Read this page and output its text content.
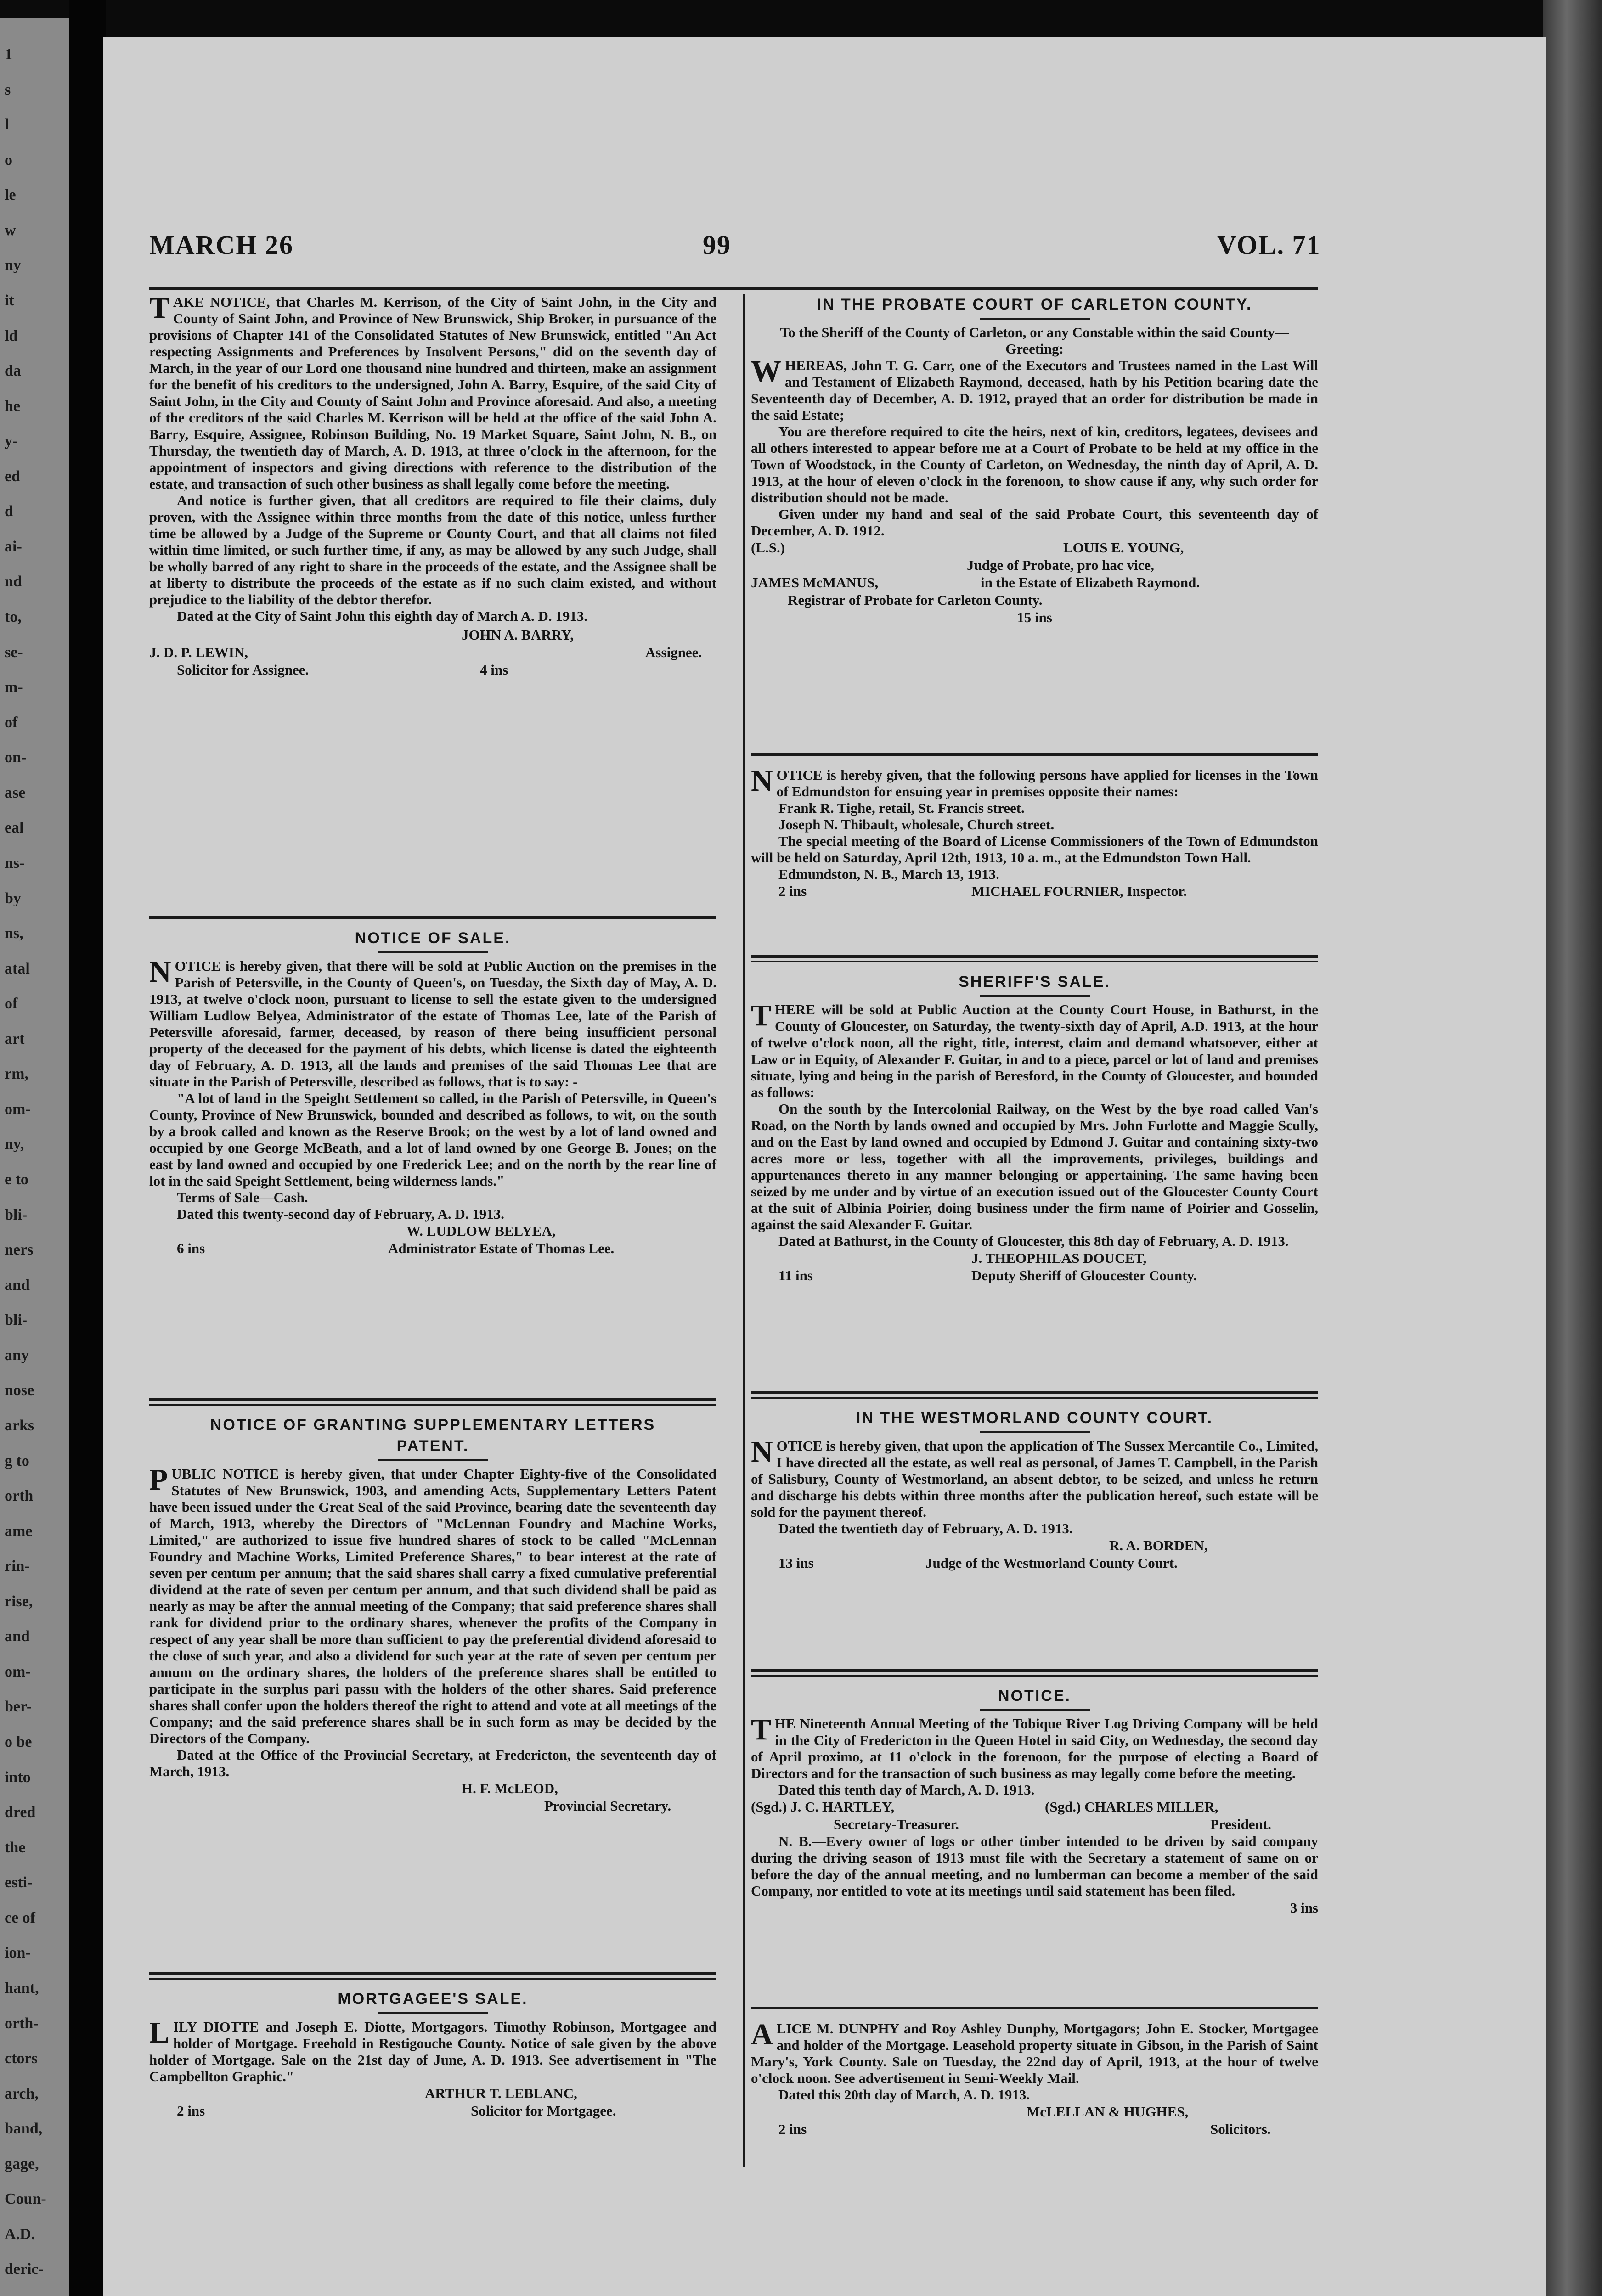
1
s
l
o
le
w
ny
it
ld
da
he
y-
ed
d
ai-
nd
to,
se-
m-
of
on-
ase
eal
ns-
by
ns,
atal
of
art
rm,
om-
ny,
e to
bli-
ners
and
bli-
any
nose
arks
g to
orth
ame
rin-
rise,
and
om-
ber-
o be
into
dred
the
esti-
ce of
ion-
hant,
orth-
ctors
arch,
band,
gage,
Coun-
A.D.
deric-
MARCH 26	99	VOL. 71

TAKE NOTICE, that Charles M. Kerrison, of the City of Saint John, in the City and County of Saint John, and Province of New Brunswick, Ship Broker, in pursuance of the provisions of Chapter 141 of the Consolidated Statutes of New Brunswick, entitled "An Act respecting Assignments and Preferences by Insolvent Persons," did on the seventh day of March, in the year of our Lord one thousand nine hundred and thirteen, make an assignment for the benefit of his creditors to the undersigned, John A. Barry, Esquire, of the said City of Saint John, in the City and County of Saint John and Province aforesaid. And also, a meeting of the creditors of the said Charles M. Kerrison will be held at the office of the said John A. Barry, Esquire, Assignee, Robinson Building, No. 19 Market Square, Saint John, N. B., on Thursday, the twentieth day of March, A. D. 1913, at three o'clock in the afternoon, for the appointment of inspectors and giving directions with reference to the distribution of the estate, and transaction of such other business as shall legally come before the meeting.

And notice is further given, that all creditors are required to file their claims, duly proven, with the Assignee within three months from the date of this notice, unless further time be allowed by a Judge of the Supreme or County Court, and that all claims not filed within time limited, or such further time, if any, as may be allowed by any such Judge, shall be wholly barred of any right to share in the proceeds of the estate, and the Assignee shall be at liberty to distribute the proceeds of the estate as if no such claim existed, and without prejudice to the liability of the debtor therefor.

Dated at the City of Saint John this eighth day of March A. D. 1913.

JOHN A. BARRY,
J. D. P. LEWIN,	Assignee.
Solicitor for Assignee.	4 ins
NOTICE OF SALE.

NOTICE is hereby given, that there will be sold at Public Auction on the premises in the Parish of Petersville, in the County of Queen's, on Tuesday, the Sixth day of May, A. D. 1913, at twelve o'clock noon, pursuant to license to sell the estate given to the undersigned William Ludlow Belyea, Administrator of the estate of Thomas Lee, late of the Parish of Petersville aforesaid, farmer, deceased, by reason of there being insufficient personal property of the deceased for the payment of his debts, which license is dated the eighteenth day of February, A. D. 1913, all the lands and premises of the said Thomas Lee that are situate in the Parish of Petersville, described as follows, that is to say: -

"A lot of land in the Speight Settlement so called, in the Parish of Petersville, in Queen's County, Province of New Brunswick, bounded and described as follows, to wit, on the south by a brook called and known as the Reserve Brook; on the west by a lot of land owned and occupied by one George McBeath, and a lot of land owned by one George B. Jones; on the east by land owned and occupied by one Frederick Lee; and on the north by the rear line of lot in the said Speight Settlement, being wilderness lands."

Terms of Sale—Cash.

Dated this twenty-second day of February, A. D. 1913.

W. LUDLOW BELYEA,
6 ins	Administrator Estate of Thomas Lee.
NOTICE OF GRANTING SUPPLEMENTARY LETTERS PATENT.

PUBLIC NOTICE is hereby given, that under Chapter Eighty-five of the Consolidated Statutes of New Brunswick, 1903, and amending Acts, Supplementary Letters Patent have been issued under the Great Seal of the said Province, bearing date the seventeenth day of March, 1913, whereby the Directors of "McLennan Foundry and Machine Works, Limited," are authorized to issue five hundred shares of stock to be called "McLennan Foundry and Machine Works, Limited Preference Shares," to bear interest at the rate of seven per centum per annum; that the said shares shall carry a fixed cumulative preferential dividend at the rate of seven per centum per annum, and that such dividend shall be paid as nearly as may be after the annual meeting of the Company; that said preference shares shall rank for dividend prior to the ordinary shares, whenever the profits of the Company in respect of any year shall be more than sufficient to pay the preferential dividend aforesaid to the close of such year, and also a dividend for such year at the rate of seven per centum per annum on the ordinary shares, the holders of the preference shares shall be entitled to participate in the surplus pari passu with the holders of the other shares. Said preference shares shall confer upon the holders thereof the right to attend and vote at all meetings of the Company; and the said preference shares shall be in such form as may be decided by the Directors of the Company.

Dated at the Office of the Provincial Secretary, at Fredericton, the seventeenth day of March, 1913.

H. F. McLEOD,
Provincial Secretary.
MORTGAGEE'S SALE.

LILY DIOTTE and Joseph E. Diotte, Mortgagors. Timothy Robinson, Mortgagee and holder of Mortgage. Freehold in Restigouche County. Notice of sale given by the above holder of Mortgage. Sale on the 21st day of June, A. D. 1913. See advertisement in "The Campbellton Graphic."

ARTHUR T. LEBLANC,
2 ins	Solicitor for Mortgagee.
IN THE PROBATE COURT OF CARLETON COUNTY.

To the Sheriff of the County of Carleton, or any Constable within the said County—Greeting:

WHEREAS, John T. G. Carr, one of the Executors and Trustees named in the Last Will and Testament of Elizabeth Raymond, deceased, hath by his Petition bearing date the Seventeenth day of December, A. D. 1912, prayed that an order for distribution be made in the said Estate;

You are therefore required to cite the heirs, next of kin, creditors, legatees, devisees and all others interested to appear before me at a Court of Probate to be held at my office in the Town of Woodstock, in the County of Carleton, on Wednesday, the ninth day of April, A. D. 1913, at the hour of eleven o'clock in the forenoon, to show cause if any, why such order for distribution should not be made.

Given under my hand and seal of the said Probate Court, this seventeenth day of December, A. D. 1912.

(L.S.)	LOUIS E. YOUNG,
Judge of Probate, pro hac vice,
JAMES McMANUS,	in the Estate of Elizabeth Raymond.
Registrar of Probate for Carleton County.
15 ins

NOTICE is hereby given, that the following persons have applied for licenses in the Town of Edmundston for ensuing year in premises opposite their names:

Frank R. Tighe, retail, St. Francis street.

Joseph N. Thibault, wholesale, Church street.

The special meeting of the Board of License Commissioners of the Town of Edmundston will be held on Saturday, April 12th, 1913, 10 a. m., at the Edmundston Town Hall.

Edmundston, N. B., March 13, 1913.

2 ins	MICHAEL FOURNIER, Inspector.
SHERIFF'S SALE.

THERE will be sold at Public Auction at the County Court House, in Bathurst, in the County of Gloucester, on Saturday, the twenty-sixth day of April, A.D. 1913, at the hour of twelve o'clock noon, all the right, title, interest, claim and demand whatsoever, either at Law or in Equity, of Alexander F. Guitar, in and to a piece, parcel or lot of land and premises situate, lying and being in the parish of Beresford, in the County of Gloucester, and bounded as follows:

On the south by the Intercolonial Railway, on the West by the bye road called Van's Road, on the North by lands owned and occupied by Mrs. John Furlotte and Maggie Scully, and on the East by land owned and occupied by Edmond J. Guitar and containing sixty-two acres more or less, together with all the improvements, privileges, buildings and appurtenances thereto in any manner belonging or appertaining. The same having been seized by me under and by virtue of an execution issued out of the Gloucester County Court at the suit of Albinia Poirier, doing business under the firm name of Poirier and Gosselin, against the said Alexander F. Guitar.

Dated at Bathurst, in the County of Gloucester, this 8th day of February, A. D. 1913.

J. THEOPHILAS DOUCET,
11 ins	Deputy Sheriff of Gloucester County.
IN THE WESTMORLAND COUNTY COURT.

NOTICE is hereby given, that upon the application of The Sussex Mercantile Co., Limited, I have directed all the estate, as well real as personal, of James T. Campbell, in the Parish of Salisbury, County of Westmorland, an absent debtor, to be seized, and unless he return and discharge his debts within three months after the publication hereof, such estate will be sold for the payment thereof.

Dated the twentieth day of February, A. D. 1913.

R. A. BORDEN,
13 ins	Judge of the Westmorland County Court.
NOTICE.

THE Nineteenth Annual Meeting of the Tobique River Log Driving Company will be held in the City of Fredericton in the Queen Hotel in said City, on Wednesday, the second day of April proximo, at 11 o'clock in the forenoon, for the purpose of electing a Board of Directors and for the transaction of such business as may legally come before the meeting.

Dated this tenth day of March, A. D. 1913.

(Sgd.) J. C. HARTLEY,	(Sgd.) CHARLES MILLER,
Secretary-Treasurer.	President.

N. B.—Every owner of logs or other timber intended to be driven by said company during the driving season of 1913 must file with the Secretary a statement of same on or before the day of the annual meeting, and no lumberman can become a member of the said Company, nor entitled to vote at its meetings until said statement has been filed.

3 ins

ALICE M. DUNPHY and Roy Ashley Dunphy, Mortgagors; John E. Stocker, Mortgagee and holder of the Mortgage. Leasehold property situate in Gibson, in the Parish of Saint Mary's, York County. Sale on Tuesday, the 22nd day of April, 1913, at the hour of twelve o'clock noon. See advertisement in Semi-Weekly Mail.

Dated this 20th day of March, A. D. 1913.

McLELLAN & HUGHES,
2 ins	Solicitors.
